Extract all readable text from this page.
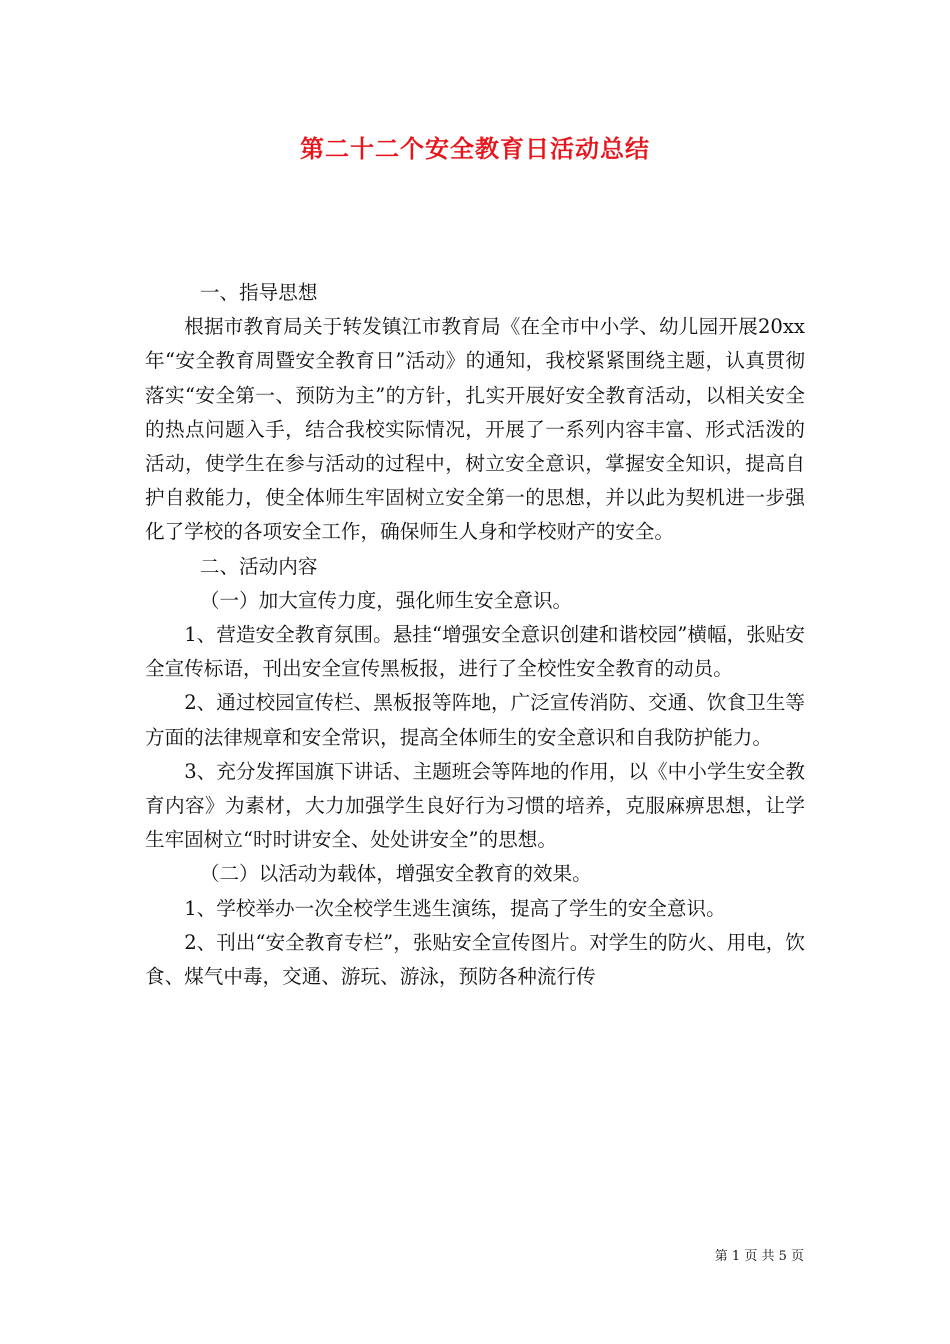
第二十二个安全教育日活动总结

一、指导思想

根据市教育局关于转发镇江市教育局《在全市中小学、幼儿园开展20xx年“安全教育周暨安全教育日”活动》的通知，我校紧紧围绕主题，认真贯彻落实“安全第一、预防为主”的方针，扎实开展好安全教育活动，以相关安全的热点问题入手，结合我校实际情况，开展了一系列内容丰富、形式活泼的活动，使学生在参与活动的过程中，树立安全意识，掌握安全知识，提高自护自救能力，使全体师生牢固树立安全第一的思想，并以此为契机进一步强化了学校的各项安全工作，确保师生人身和学校财产的安全。

二、活动内容

（一）加大宣传力度，强化师生安全意识。

1、营造安全教育氛围。悬挂“增强安全意识创建和谐校园”横幅，张贴安全宣传标语，刊出安全宣传黑板报，进行了全校性安全教育的动员。

2、通过校园宣传栏、黑板报等阵地，广泛宣传消防、交通、饮食卫生等方面的法律规章和安全常识，提高全体师生的安全意识和自我防护能力。

3、充分发挥国旗下讲话、主题班会等阵地的作用，以《中小学生安全教育内容》为素材，大力加强学生良好行为习惯的培养，克服麻痹思想，让学生牢固树立“时时讲安全、处处讲安全”的思想。

（二）以活动为载体，增强安全教育的效果。

1、学校举办一次全校学生逃生演练，提高了学生的安全意识。

2、刊出“安全教育专栏”，张贴安全宣传图片。对学生的防火、用电，饮食、煤气中毒，交通、游玩、游泳，预防各种流行传

第 1 页 共 5 页
